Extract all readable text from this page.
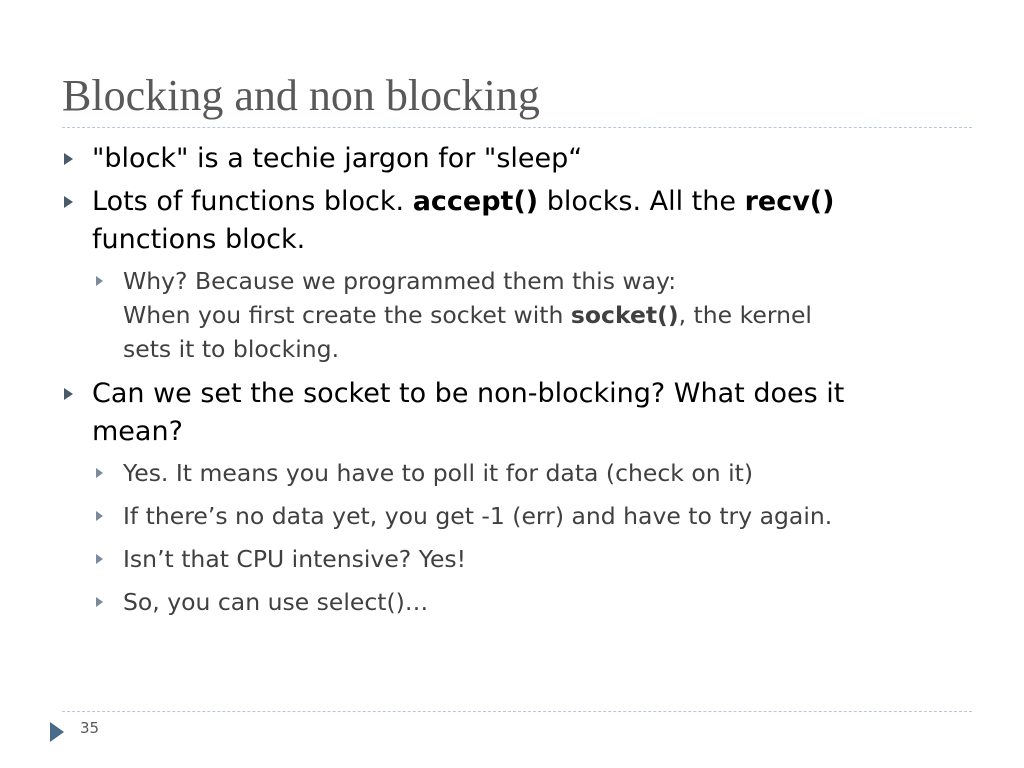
Blocking and non blocking
"block" is a techie jargon for "sleep“
Lots of functions block. accept() blocks. All the recv()
functions block.
Why? Because we programmed them this way:
When you first create the socket with socket(), the kernel
sets it to blocking.
Can we set the socket to be non-blocking? What does it
mean?
Yes. It means you have to poll it for data (check on it)
If there’s no data yet, you get -1 (err) and have to try again.
Isn’t that CPU intensive? Yes!
So, you can use select()…
35
